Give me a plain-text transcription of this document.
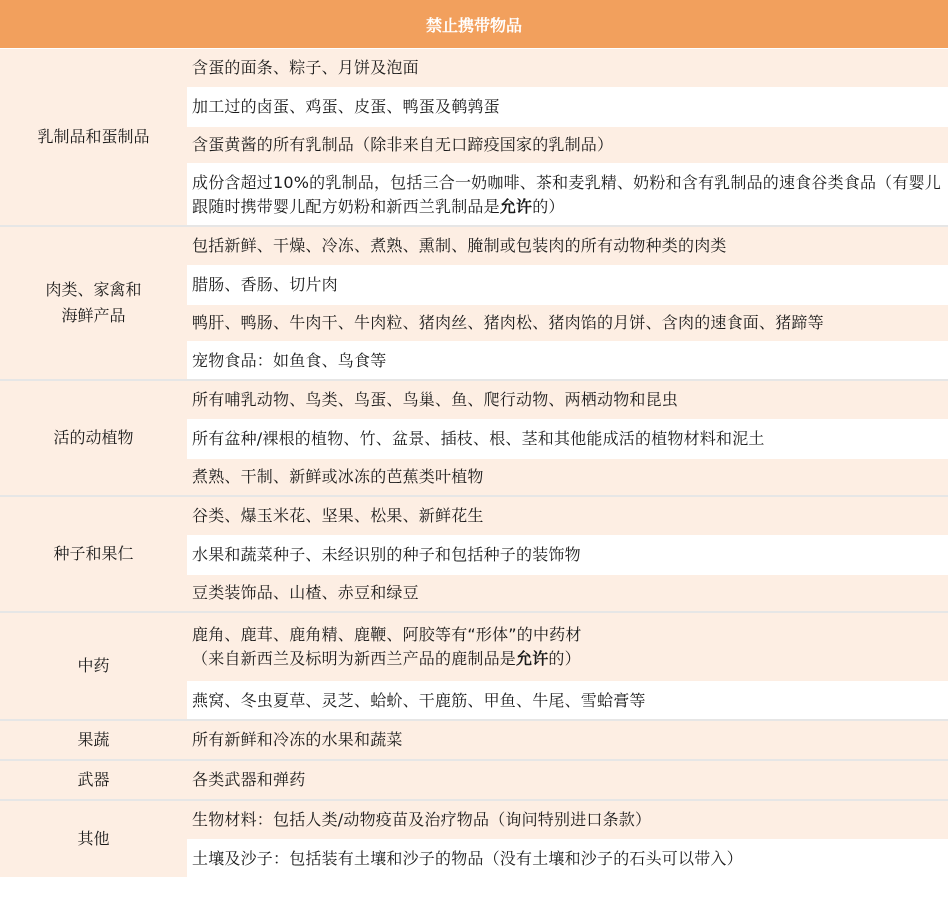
禁止携带物品
乳制品和蛋制品
含蛋的面条、粽子、月饼及泡面
加工过的卤蛋、鸡蛋、皮蛋、鸭蛋及鹌鹑蛋
含蛋黄酱的所有乳制品（除非来自无口蹄疫国家的乳制品）
成份含超过10%的乳制品，包括三合一奶咖啡、茶和麦乳精、奶粉和含有乳制品的速食谷类食品（有婴儿跟随时携带婴儿配方奶粉和新西兰乳制品是允许的）
肉类、家禽和海鲜产品
包括新鲜、干燥、冷冻、煮熟、熏制、腌制或包装肉的所有动物种类的肉类
腊肠、香肠、切片肉
鸭肝、鸭肠、牛肉干、牛肉粒、猪肉丝、猪肉松、猪肉馅的月饼、含肉的速食面、猪蹄等
宠物食品：如鱼食、鸟食等
活的动植物
所有哺乳动物、鸟类、鸟蛋、鸟巢、鱼、爬行动物、两栖动物和昆虫
所有盆种/裸根的植物、竹、盆景、插枝、根、茎和其他能成活的植物材料和泥土
煮熟、干制、新鲜或冰冻的芭蕉类叶植物
种子和果仁
谷类、爆玉米花、坚果、松果、新鲜花生
水果和蔬菜种子、未经识别的种子和包括种子的装饰物
豆类装饰品、山楂、赤豆和绿豆
中药
鹿角、鹿茸、鹿角精、鹿鞭、阿胶等有“形体”的中药材
（来自新西兰及标明为新西兰产品的鹿制品是允许的）
燕窝、冬虫夏草、灵芝、蛤蚧、干鹿筋、甲鱼、牛尾、雪蛤膏等
果蔬	所有新鲜和冷冻的水果和蔬菜
武器	各类武器和弹药
其他
生物材料：包括人类/动物疫苗及治疗物品（询问特别进口条款）
土壤及沙子：包括装有土壤和沙子的物品（没有土壤和沙子的石头可以带入）
